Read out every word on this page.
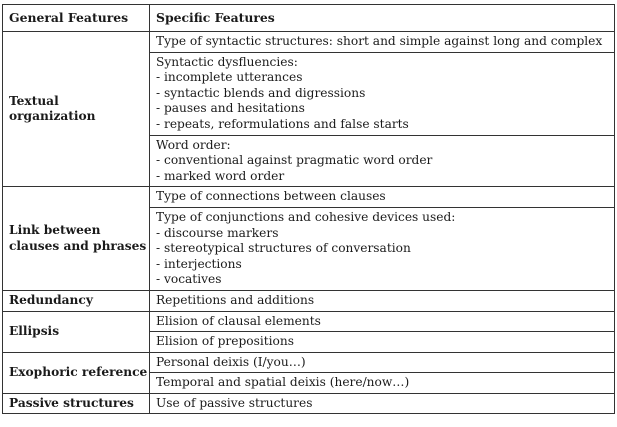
General Features	Specific Features

Textual
organization	Type of syntactic structures: short and simple against long and complex

	Syntactic dysfluencies:
- incomplete utterances
- syntactic blends and digressions
- pauses and hesitations
- repeats, reformulations and false starts

	Word order:
- conventional against pragmatic word order
- marked word order

Link between
clauses and phrases	Type of connections between clauses

	Type of conjunctions and cohesive devices used:
- discourse markers
- stereotypical structures of conversation
- interjections
- vocatives

Redundancy	Repetitions and additions

Ellipsis	Elision of clausal elements

	Elision of prepositions

Exophoric reference	Personal deixis (I/you…)

	Temporal and spatial deixis (here/now…)

Passive structures	Use of passive structures
